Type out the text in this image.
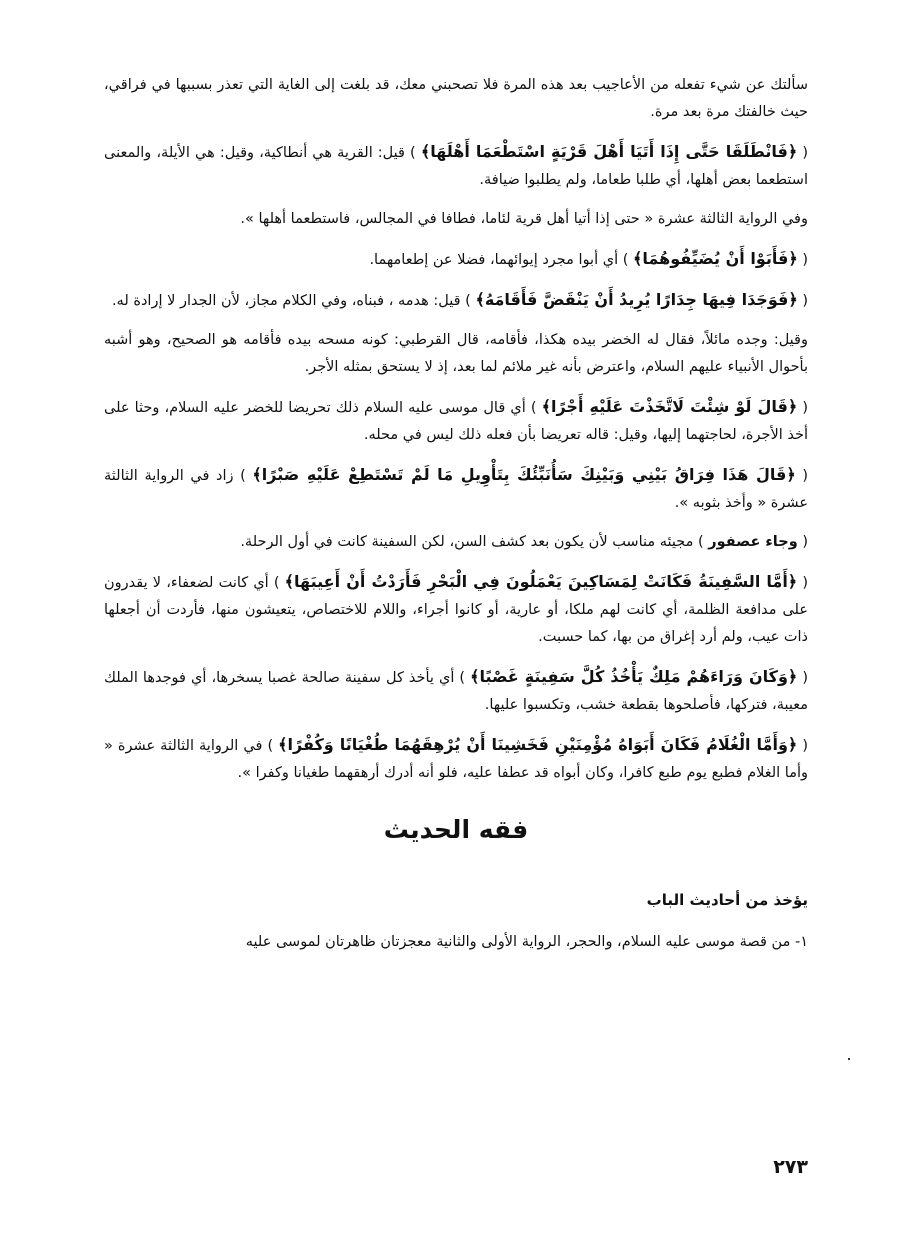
سألتك عن شيء تفعله من الأعاجيب بعد هذه المرة فلا تصحبني معك، قد بلغت إلى الغاية التي تعذر بسببها في فراقي، حيث خالفتك مرة بعد مرة.

( ﴿فَانْطَلَقَا حَتَّى إِذَا أَتَيَا أَهْلَ قَرْيَةٍ اسْتَطْعَمَا أَهْلَهَا﴾ ) قيل: القرية هي أنطاكية، وقيل: هي الأيلة، والمعنى استطعما بعض أهلها، أي طلبا طعاما، ولم يطلبوا ضيافة.

وفي الرواية الثالثة عشرة « حتى إذا أتيا أهل قرية لئاما، فطافا في المجالس، فاستطعما أهلها ».

( ﴿فَأَبَوْا أَنْ يُضَيِّفُوهُمَا﴾ ) أي أبوا مجرد إيوائهما، فضلا عن إطعامهما.

( ﴿فَوَجَدَا فِيهَا جِدَارًا يُرِيدُ أَنْ يَنْقَضَّ فَأَقَامَهُ﴾ ) قيل: هدمه ، فبناه، وفي الكلام مجاز، لأن الجدار لا إرادة له.

وقيل: وجده مائلاً، فقال له الخضر بيده هكذا، فأقامه، قال القرطبي: كونه مسحه بيده فأقامه هو الصحيح، وهو أشبه بأحوال الأنبياء عليهم السلام، واعترض بأنه غير ملائم لما بعد، إذ لا يستحق بمثله الأجر.

( ﴿قَالَ لَوْ شِئْتَ لَاتَّخَذْتَ عَلَيْهِ أَجْرًا﴾ ) أي قال موسى عليه السلام ذلك تحريضا للخضر عليه السلام، وحثا على أخذ الأجرة، لحاجتهما إليها، وقيل: قاله تعريضا بأن فعله ذلك ليس في محله.

( ﴿قَالَ هَذَا فِرَاقُ بَيْنِي وَبَيْنِكَ سَأُنَبِّئُكَ بِتَأْوِيلِ مَا لَمْ تَسْتَطِعْ عَلَيْهِ صَبْرًا﴾ ) زاد في الرواية الثالثة عشرة « وأخذ بثوبه ».

( وجاء عصفور ) مجيئه مناسب لأن يكون بعد كشف السن، لكن السفينة كانت في أول الرحلة.

( ﴿أَمَّا السَّفِينَةُ فَكَانَتْ لِمَسَاكِينَ يَعْمَلُونَ فِي الْبَحْرِ فَأَرَدْتُ أَنْ أَعِيبَهَا﴾ ) أي كانت لضعفاء، لا يقدرون على مدافعة الظلمة، أي كانت لهم ملكا، أو عارية، أو كانوا أجراء، واللام للاختصاص، يتعيشون منها، فأردت أن أجعلها ذات عيب، ولم أرد إغراق من بها، كما حسبت.

( ﴿وَكَانَ وَرَاءَهُمْ مَلِكٌ يَأْخُذُ كُلَّ سَفِينَةٍ غَصْبًا﴾ ) أي يأخذ كل سفينة صالحة غصبا يسخرها، أي فوجدها الملك معيبة، فتركها، فأصلحوها بقطعة خشب، وتكسبوا عليها.

( ﴿وَأَمَّا الْغُلَامُ فَكَانَ أَبَوَاهُ مُؤْمِنَيْنِ فَخَشِينَا أَنْ يُرْهِقَهُمَا طُغْيَانًا وَكُفْرًا﴾ ) في الرواية الثالثة عشرة « وأما الغلام فطبع يوم طبع كافرا، وكان أبواه قد عطفا عليه، فلو أنه أدرك أرهقهما طغيانا وكفرا ».

فقه الحديث
يؤخذ من أحاديث الباب

١- من قصة موسى عليه السلام، والحجر، الرواية الأولى والثانية معجزتان ظاهرتان لموسى عليه

٢٧٣
